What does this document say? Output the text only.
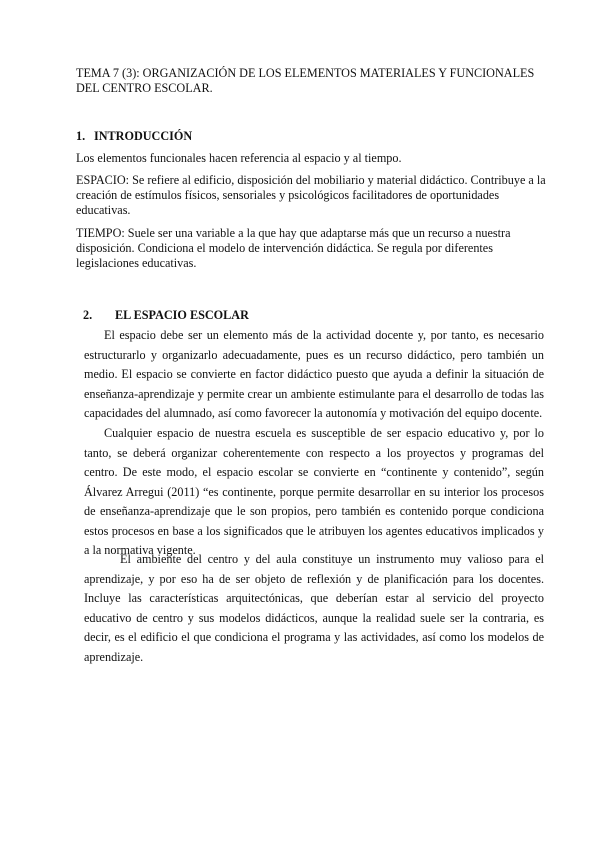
TEMA 7 (3): ORGANIZACIÓN DE LOS ELEMENTOS MATERIALES Y FUNCIONALES DEL CENTRO ESCOLAR.

1. INTRODUCCIÓN

Los elementos funcionales hacen referencia al espacio y al tiempo.

ESPACIO: Se refiere al edificio, disposición del mobiliario y material didáctico. Contribuye a la creación de estímulos físicos, sensoriales y psicológicos facilitadores de oportunidades educativas.

TIEMPO: Suele ser una variable a la que hay que adaptarse más que un recurso a nuestra disposición. Condiciona el modelo de intervención didáctica. Se regula por diferentes legislaciones educativas.

2. EL ESPACIO ESCOLAR

El espacio debe ser un elemento más de la actividad docente y, por tanto, es necesario estructurarlo y organizarlo adecuadamente, pues es un recurso didáctico, pero también un medio. El espacio se convierte en factor didáctico puesto que ayuda a definir la situación de enseñanza-aprendizaje y permite crear un ambiente estimulante para el desarrollo de todas las capacidades del alumnado, así como favorecer la autonomía y motivación del equipo docente.

Cualquier espacio de nuestra escuela es susceptible de ser espacio educativo y, por lo tanto, se deberá organizar coherentemente con respecto a los proyectos y programas del centro. De este modo, el espacio escolar se convierte en “continente y contenido”, según Álvarez Arregui (2011) “es continente, porque permite desarrollar en su interior los procesos de enseñanza-aprendizaje que le son propios, pero también es contenido porque condiciona estos procesos en base a los significados que le atribuyen los agentes educativos implicados y a la normativa vigente.

El ambiente del centro y del aula constituye un instrumento muy valioso para el aprendizaje, y por eso ha de ser objeto de reflexión y de planificación para los docentes. Incluye las características arquitectónicas, que deberían estar al servicio del proyecto educativo de centro y sus modelos didácticos, aunque la realidad suele ser la contraria, es decir, es el edificio el que condiciona el programa y las actividades, así como los modelos de aprendizaje.
